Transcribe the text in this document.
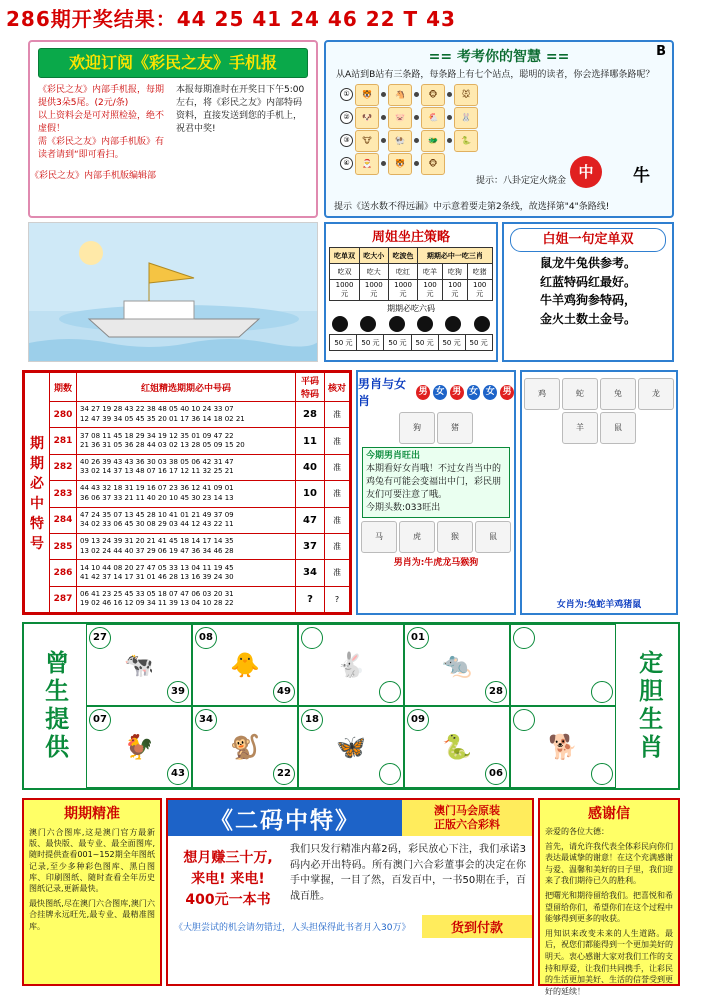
286期开奖结果：44 25 41 24 46 22 T 43
欢迎订阅《彩民之友》手机报
《彩民之友》内部手机报，每期提供3朵5尾。(2元/条)
以上资料会是可对照检验，绝不虚假！
需《彩民之友》内部手机版》有读者请到“即可看扫。
本报每期准时在开奖日下午5:00左右，将《彩民之友》内部特码资料，直接发送到您的手机上，祝君中奖!
《彩民之友》内部手机版编辑部
B
== 考考你的智慧 ==
从A站到B站有三条路，每条路上有七个站点，聪明的读者，你会选择哪条路呢？
①	🐯	🐴	🐵	🐭
②	🐶	🐷	🐔	🐰
③	🐮	🐏	🐲	🐍
④	🎅	🐯	🐵
提示：八卦定定火烧金 中	牛
提示《送水数不得远漏》中示意着要走第2条线，故选择第"4"条路线!
周姐坐庄策略
吃单双	吃大小	吃波色	期期必中一吃三肖		
吃双	吃大	吃红	吃羊	吃狗	吃猪
1000 元	1000 元	1000 元	100 元	100 元	100 元
期期必吃六码
50 元	50 元	50 元	50 元	50 元	50 元
白姐一句定单双
鼠龙牛兔供参考。
红蓝特码红最好。
牛羊鸡狗参特码，
金火土数土金号。
期
期
必
中
特
号
	期数	红姐精选期期必中号码	平码特码	核对
	280	34 27 19 28 43 22 38 48 05 40 10 24 33 07
12 47 39 34 05 45 35 20 01 17 36 14 18 02 21	28	准
	281	37 08 11 45 18 29 34 19 12 35 01 09 47 22
21 36 31 05 36 28 44 03 02 13 28 05 09 15 20	11	准
	282	40 26 39 43 43 36 30 03 38 05 06 42 31 47
33 02 14 37 13 48 07 16 17 12 11 32 25 21	40	准
	283	44 43 32 18 31 19 16 07 23 36 12 41 09 01
36 06 37 33 21 11 40 20 10 45 30 23 14 13	10	准
	284	47 24 35 07 13 45 28 10 41 01 21 49 37 09
34 02 33 06 45 30 08 29 03 44 12 43 22 11	47	准
	285	09 13 24 39 31 20 21 41 45 18 14 17 14 35
13 02 24 44 40 37 29 06 19 47 36 34 46 28	37	准
	286	14 10 44 08 20 27 47 05 33 13 04 11 19 45
41 42 37 14 17 31 01 46 28 13 16 39 24 30	34	准
	287	06 41 23 25 45 33 05 18 07 47 06 03 20 31
19 02 46 16 12 09 34 11 39 13 04 10 28 22	?	?
男肖与女肖
男 女 男 女 女 男
狗	猪
今期男肖旺出
本期看好女肖哦！不过女肖当中的鸡兔有可能会变福出中门，彩民朋友们可要注意了哦。
今期头数:033旺出
马	虎	猴	鼠
男肖为:牛虎龙马猴狗
鸡	蛇	兔	龙
羊	鼠
女肖为:兔蛇羊鸡猪鼠
曾生提供
27
39
🐄
08
49
🐥	🐇
01
28
🐀
07
43
🐓
34
22
🐒
18
🦋
09
06
🐍	🐕	定胆生肖
期期精准

澳门六合图库,这是澳门官方最新版、最快版、最专业、最全面图库,随时提供查看001~152期全年图纸记录,至少多种彩色图库、黑白图库、印刷图纸、随时查看全年历史图纸记录,更新最快。

最快图纸,尽在澳门六合图库,澳门六合挂牌永远旺先,最专业、最精准图库。

《二码中特》	澳门马会原装
正版六合彩料
想月赚三十万,
来电! 来电!
400元一本书
我们只发行精准内幕2码，彩民放心下注，我们承诺3码内必开出特码。所有澳门六合彩董事会的决定在你手中掌握，一目了然，百发百中，一书50期在手，百战百胜。
《大胆尝试的机会请勿错过，人头担保得此书者月入30万》	货到付款
感谢信

亲爱的各位大德：

首先，请允许我代表全体彩民向你们表达最诚挚的谢意！在这个充满感谢与爱、温馨和美好的日子里，我们迎来了我们期待已久的胜利。

把曙光和期待留给我们。把喜悦和希望留给你们，希望你们在这个过程中能够得到更多的收获。

用知识来改变未来的人生道路。最后，祝您们都能得到一个更加美好的明天。衷心感谢大家对我们工作的支持和厚爱，让我们共同携手，让彩民的生活更加美好、生活的信誉受到更好的延续！
